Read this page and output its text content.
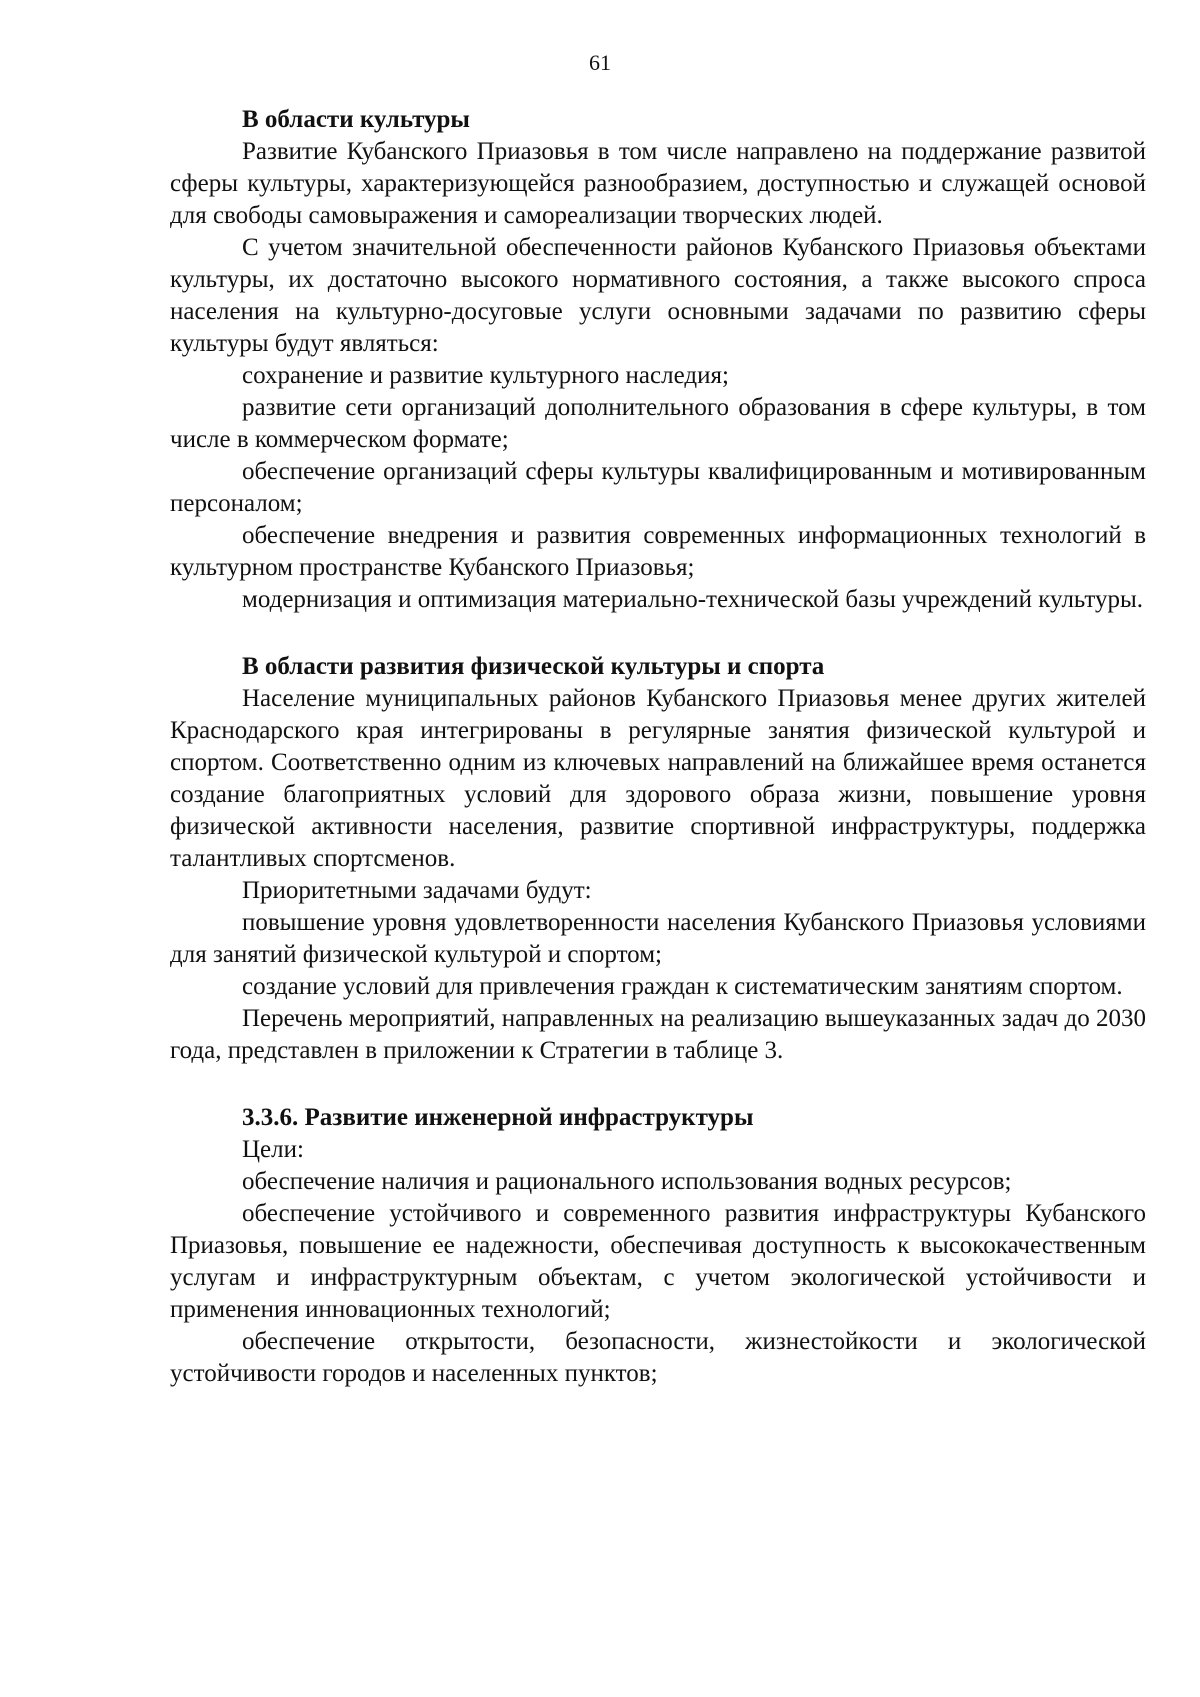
61

В области культуры

Развитие Кубанского Приазовья в том числе направлено на поддержание развитой сферы культуры, характеризующейся разнообразием, доступностью и служащей основой для свободы самовыражения и самореализации творческих людей.

С учетом значительной обеспеченности районов Кубанского Приазовья объектами культуры, их достаточно высокого нормативного состояния, а также высокого спроса населения на культурно-досуговые услуги основными задачами по развитию сферы культуры будут являться:

сохранение и развитие культурного наследия;

развитие сети организаций дополнительного образования в сфере культуры, в том числе в коммерческом формате;

обеспечение организаций сферы культуры квалифицированным и мотивированным персоналом;

обеспечение внедрения и развития современных информационных технологий в культурном пространстве Кубанского Приазовья;

модернизация и оптимизация материально-технической базы учреждений культуры.

В области развития физической культуры и спорта

Население муниципальных районов Кубанского Приазовья менее других жителей Краснодарского края интегрированы в регулярные занятия физической культурой и спортом. Соответственно одним из ключевых направлений на ближайшее время останется создание благоприятных условий для здорового образа жизни, повышение уровня физической активности населения, развитие спортивной инфраструктуры, поддержка талантливых спортсменов.

Приоритетными задачами будут:

повышение уровня удовлетворенности населения Кубанского Приазовья условиями для занятий физической культурой и спортом;

создание условий для привлечения граждан к систематическим занятиям спортом.

Перечень мероприятий, направленных на реализацию вышеуказанных задач до 2030 года, представлен в приложении к Стратегии в таблице 3.

3.3.6. Развитие инженерной инфраструктуры

Цели:

обеспечение наличия и рационального использования водных ресурсов;

обеспечение устойчивого и современного развития инфраструктуры Кубанского Приазовья, повышение ее надежности, обеспечивая доступность к высококачественным услугам и инфраструктурным объектам, с учетом экологической устойчивости и применения инновационных технологий;

обеспечение открытости, безопасности, жизнестойкости и экологической устойчивости городов и населенных пунктов;
